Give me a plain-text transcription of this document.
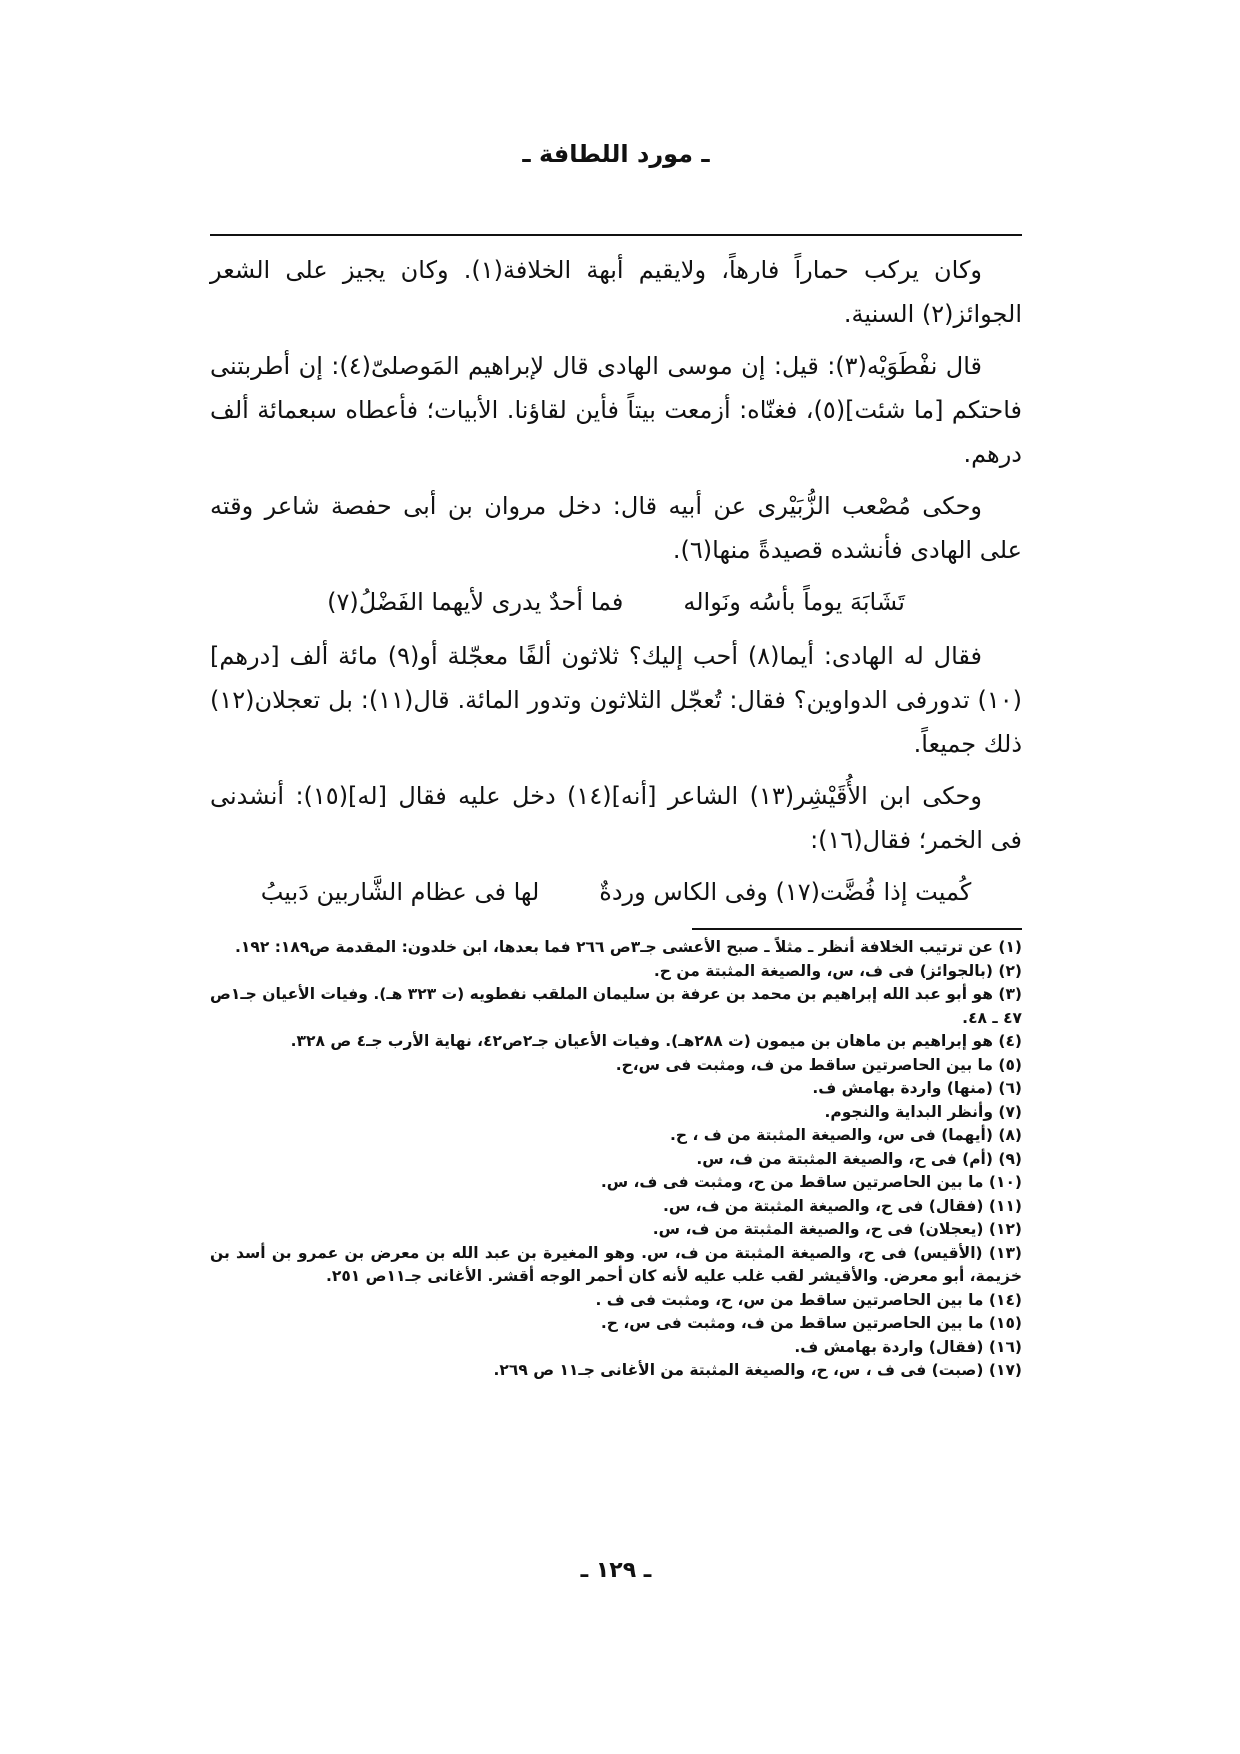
ـ مورد اللطافة ـ

وكان يركب حماراً فارهاً، ولايقيم أبهة الخلافة(١). وكان يجيز على الشعر الجوائز(٢) السنية.

قال نفْطَوَيْه(٣): قيل: إن موسى الهادى قال لإبراهيم المَوصلىّ(٤): إن أطربتنى فاحتكم [ما شئت](٥)، فغنّاه: أزمعت بيتاً فأين لقاؤنا. الأبيات؛ فأعطاه سبعمائة ألف درهم.

وحكى مُصْعب الزُّبَيْرى عن أبيه قال: دخل مروان بن أبى حفصة شاعر وقته على الهادى فأنشده قصيدةً منها(٦).

تَشَابَهَ يوماً بأسُه ونَواله
فما أحدٌ يدرى لأيهما الفَضْلُ(٧)

فقال له الهادى: أيما(٨) أحب إليك؟ ثلاثون ألفًا معجّلة أو(٩) مائة ألف [درهم](١٠) تدورفى الدواوين؟ فقال: تُعجّل الثلاثون وتدور المائة. قال(١١): بل تعجلان(١٢) ذلك جميعاً.

وحكى ابن الأُقَيْشِر(١٣) الشاعر [أنه](١٤) دخل عليه فقال [له](١٥): أنشدنى فى الخمر؛ فقال(١٦):

كُميت إذا فُضَّت(١٧) وفى الكاس وردةٌ
لها فى عظام الشَّاربين دَبيبُ

(١) عن ترتيب الخلافة أنظر ـ مثلاً ـ صبح الأعشى جـ٣ص ٢٦٦ فما بعدها، ابن خلدون: المقدمة ص١٨٩: ١٩٢.

(٢) (بالجوائز) فى ف، س، والصيغة المثبتة من ح.

(٣) هو أبو عبد الله إبراهيم بن محمد بن عرفة بن سليمان الملقب نفطويه (ت ٣٢٣ هـ). وفيات الأعيان جـ١ص ٤٧ ـ ٤٨.

(٤) هو إبراهيم بن ماهان بن ميمون (ت ٢٨٨هـ). وفيات الأعيان جـ٢ص٤٢، نهاية الأرب جـ٤ ص ٣٢٨.

(٥) ما بين الحاصرتين ساقط من ف، ومثبت فى س،ح.

(٦) (منها) واردة بهامش ف.

(٧) وأنظر البداية والنجوم.

(٨) (أيهما) فى س، والصيغة المثبتة من ف ، ح.

(٩) (أم) فى ح، والصيغة المثبتة من ف، س.

(١٠) ما بين الحاصرتين ساقط من ح، ومثبت فى ف، س.

(١١) (فقال) فى ح، والصيغة المثبتة من ف، س.

(١٢) (يعجلان) فى ح، والصيغة المثبتة من ف، س.

(١٣) (الأقيس) فى ح، والصيغة المثبتة من ف، س. وهو المغيرة بن عبد الله بن معرض بن عمرو بن أسد بن خزيمة، أبو معرض. والأقيشر لقب غلب عليه لأنه كان أحمر الوجه أقشر. الأغانى جـ١١ص ٢٥١.

(١٤) ما بين الحاصرتين ساقط من س، ح، ومثبت فى ف .

(١٥) ما بين الحاصرتين ساقط من ف، ومثبت فى س، ح.

(١٦) (فقال) واردة بهامش ف.

(١٧) (صبت) فى ف ، س، ح، والصيغة المثبتة من الأغانى جـ١١ ص ٢٦٩.

ـ ١٢٩ ـ
